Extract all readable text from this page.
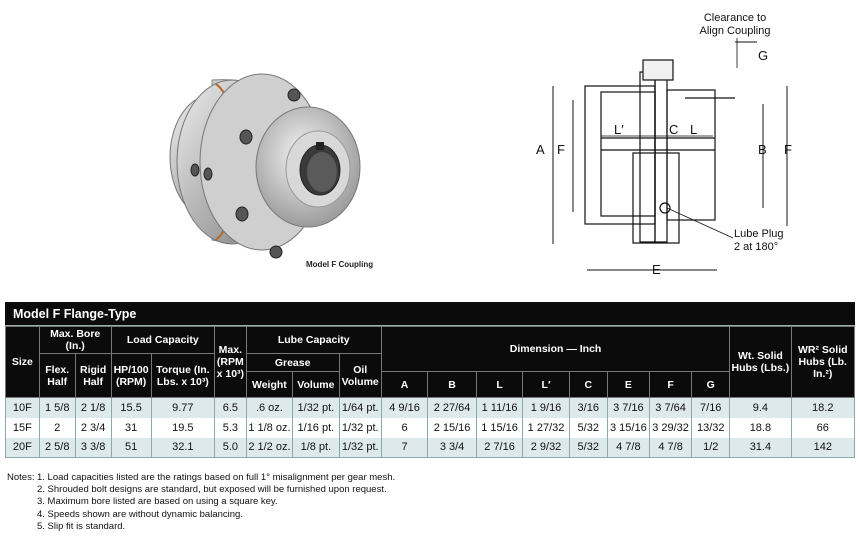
Model F Coupling
Clearance to
Align Coupling
G
A F	B F
E
L′	C L
Lube Plug
2 at 180°
Model F Flange-Type
Size	Max. Bore (In.)		Load Capacity		Max. (RPM x 10³)	Lube Capacity			Dimension — Inch								Wt. Solid Hubs (Lbs.)	WR² Solid Hubs (Lb. In.²)
	Flex. Half	Rigid Half	HP/100 (RPM)	Torque (In. Lbs. x 10³)		Grease		Oil Volume										
						Weight	Volume		A	B	L	L′	C	E	F	G		
10F	1 5/8	2 1/8	15.5	9.77	6.5	.6 oz.	1/32 pt.	1/64 pt.	4 9/16	2 27/64	1 11/16	1 9/16	3/16	3 7/16	3 7/64	7/16	9.4	18.2
15F	2	2 3/4	31	19.5	5.3	1 1/8 oz.	1/16 pt.	1/32 pt.	6	2 15/16	1 15/16	1 27/32	5/32	3 15/16	3 29/32	13/32	18.8	66
20F	2 5/8	3 3/8	51	32.1	5.0	2 1/2 oz.	1/8 pt.	1/32 pt.	7	3 3/4	2 7/16	2 9/32	5/32	4 7/8	4 7/8	1/2	31.4	142
Notes: 1. Load capacities listed are the ratings based on full 1° misalignment per gear mesh.
2. Shrouded bolt designs are standard, but exposed will be furnished upon request.
3. Maximum bore listed are based on using a square key.
4. Speeds shown are without dynamic balancing.
5. Slip fit is standard.
